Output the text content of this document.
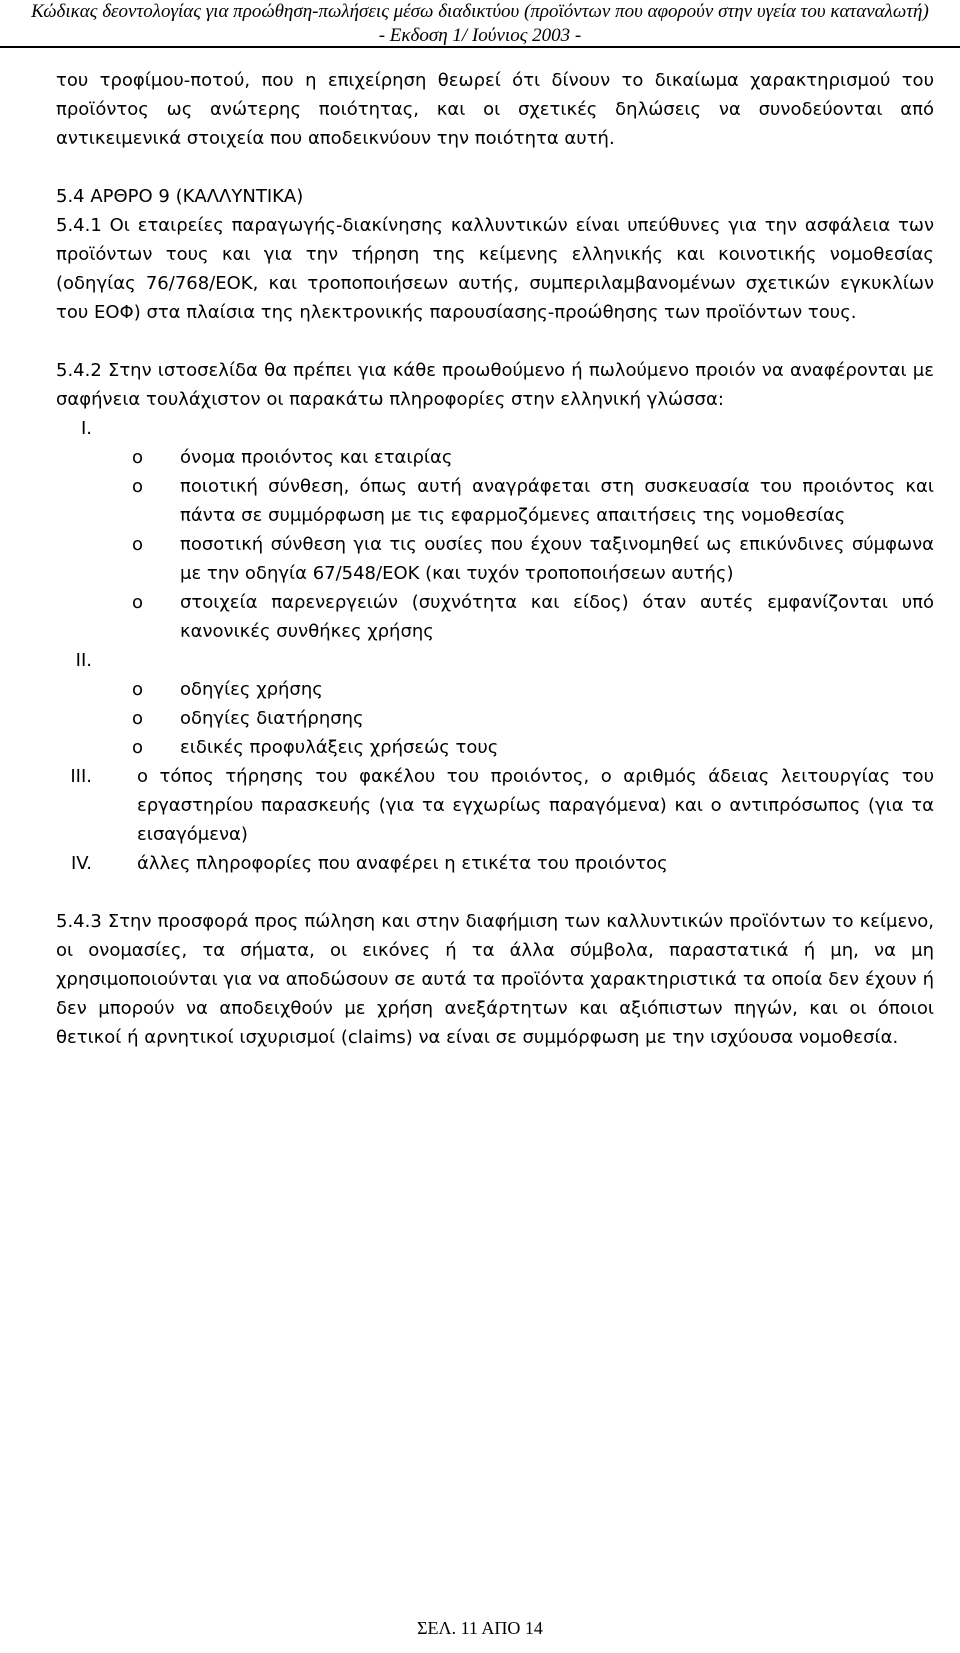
Κώδικας δεοντολογίας για προώθηση-πωλήσεις μέσω διαδικτύου (προϊόντων που αφορούν στην υγεία του καταναλωτή)
- Εκδοση 1/ Ιούνιος 2003 -

του τροφίμου-ποτού, που η επιχείρηση θεωρεί ότι δίνουν το δικαίωμα χαρακτηρισμού του προϊόντος ως ανώτερης ποιότητας, και οι σχετικές δηλώσεις να συνοδεύονται από αντικειμενικά στοιχεία που αποδεικνύουν την ποιότητα αυτή.

5.4 ΑΡΘΡΟ 9 (ΚΑΛΛΥΝΤΙΚΑ)

5.4.1 Οι εταιρείες παραγωγής-διακίνησης καλλυντικών είναι υπεύθυνες για την ασφάλεια των προϊόντων τους και για την τήρηση της κείμενης ελληνικής και κοινοτικής νομοθεσίας (οδηγίας 76/768/ΕΟΚ, και τροποποιήσεων αυτής, συμπεριλαμβανομένων σχετικών εγκυκλίων του ΕΟΦ) στα πλαίσια της ηλεκτρονικής παρουσίασης-προώθησης των προϊόντων τους.

5.4.2 Στην ιστοσελίδα θα πρέπει για κάθε προωθούμενο ή πωλούμενο προιόν να αναφέρονται με σαφήνεια τουλάχιστον οι παρακάτω πληροφορίες στην ελληνική γλώσσα:

I.
o	όνομα προιόντος και εταιρίας
o	ποιοτική σύνθεση, όπως αυτή αναγράφεται στη συσκευασία του προιόντος και πάντα σε συμμόρφωση με τις εφαρμοζόμενες απαιτήσεις της νομοθεσίας
o	ποσοτική σύνθεση για τις ουσίες που έχουν ταξινομηθεί ως επικύνδινες σύμφωνα με την οδηγία 67/548/ΕΟΚ (και τυχόν τροποποιήσεων αυτής)
o	στοιχεία παρενεργειών (συχνότητα και είδος) όταν αυτές εμφανίζονται υπό κανονικές συνθήκες χρήσης
II.
o	οδηγίες χρήσης
o	οδηγίες διατήρησης
o	ειδικές προφυλάξεις χρήσεώς τους
III.	ο τόπος τήρησης του φακέλου του προιόντος, ο αριθμός άδειας λειτουργίας του εργαστηρίου παρασκευής (για τα εγχωρίως παραγόμενα) και ο αντιπρόσωπος (για τα εισαγόμενα)
IV.	άλλες πληροφορίες που αναφέρει η ετικέτα του προιόντος

5.4.3 Στην προσφορά προς πώληση και στην διαφήμιση των καλλυντικών προϊόντων το κείμενο, οι ονομασίες, τα σήματα, οι εικόνες ή τα άλλα σύμβολα, παραστατικά ή μη, να μη χρησιμοποιούνται για να αποδώσουν σε αυτά τα προϊόντα χαρακτηριστικά τα οποία δεν έχουν ή δεν μπορούν να αποδειχθούν με χρήση ανεξάρτητων και αξιόπιστων πηγών, και οι όποιοι θετικοί ή αρνητικοί ισχυρισμοί (claims) να είναι σε συμμόρφωση με την ισχύουσα νομοθεσία.

ΣΕΛ. 11 ΑΠΟ 14
